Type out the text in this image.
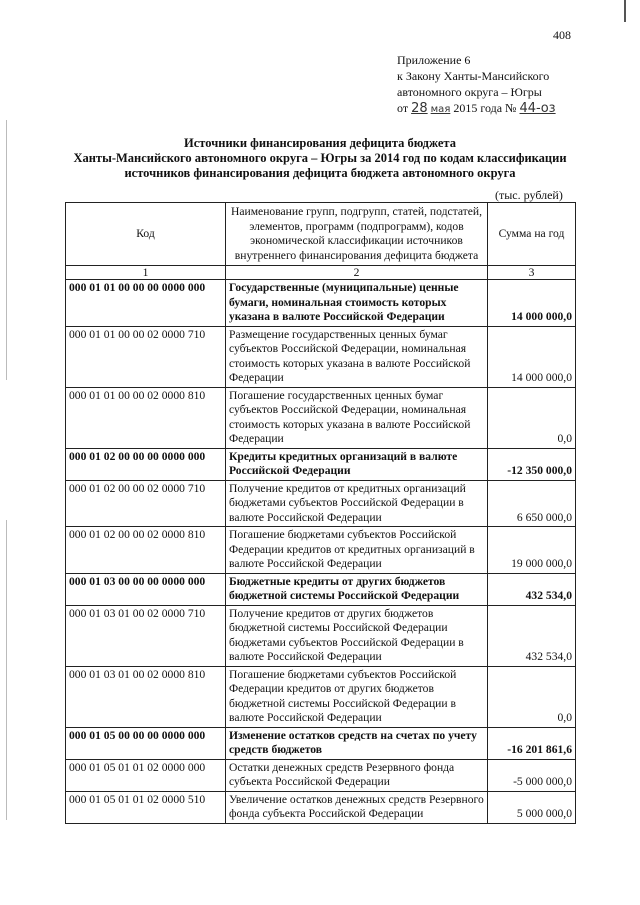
408
Приложение 6
к Закону Ханты-Мансийского
автономного округа – Югры
от 28 мая 2015 года № 44-оз
Источники финансирования дефицита бюджета
Ханты-Мансийского автономного округа – Югры за 2014 год по кодам классификации
источников финансирования дефицита бюджета автономного округа
(тыс. рублей)
Код	Наименование групп, подгрупп, статей, подстатей, элементов, программ (подпрограмм), кодов экономической классификации источников внутреннего финансирования дефицита бюджета	Сумма на год
1	2	3
000 01 01 00 00 00 0000 000	Государственные (муниципальные) ценные бумаги, номинальная стоимость которых указана в валюте Российской Федерации	14 000 000,0
000 01 01 00 00 02 0000 710	Размещение государственных ценных бумаг субъектов Российской Федерации, номинальная стоимость которых указана в валюте Российской Федерации	14 000 000,0
000 01 01 00 00 02 0000 810	Погашение государственных ценных бумаг субъектов Российской Федерации, номинальная стоимость которых указана в валюте Российской Федерации	0,0
000 01 02 00 00 00 0000 000	Кредиты кредитных организаций в валюте Российской Федерации	-12 350 000,0
000 01 02 00 00 02 0000 710	Получение кредитов от кредитных организаций бюджетами субъектов Российской Федерации в валюте Российской Федерации	6 650 000,0
000 01 02 00 00 02 0000 810	Погашение бюджетами субъектов Российской Федерации кредитов от кредитных организаций в валюте Российской Федерации	19 000 000,0
000 01 03 00 00 00 0000 000	Бюджетные кредиты от других бюджетов бюджетной системы Российской Федерации	432 534,0
000 01 03 01 00 02 0000 710	Получение кредитов от других бюджетов бюджетной системы Российской Федерации бюджетами субъектов Российской Федерации в валюте Российской Федерации	432 534,0
000 01 03 01 00 02 0000 810	Погашение бюджетами субъектов Российской Федерации кредитов от других бюджетов бюджетной системы Российской Федерации в валюте Российской Федерации	0,0
000 01 05 00 00 00 0000 000	Изменение остатков средств на счетах по учету средств бюджетов	-16 201 861,6
000 01 05 01 01 02 0000 000	Остатки денежных средств Резервного фонда субъекта Российской Федерации	-5 000 000,0
000 01 05 01 01 02 0000 510	Увеличение остатков денежных средств Резервного фонда субъекта Российской Федерации	5 000 000,0
